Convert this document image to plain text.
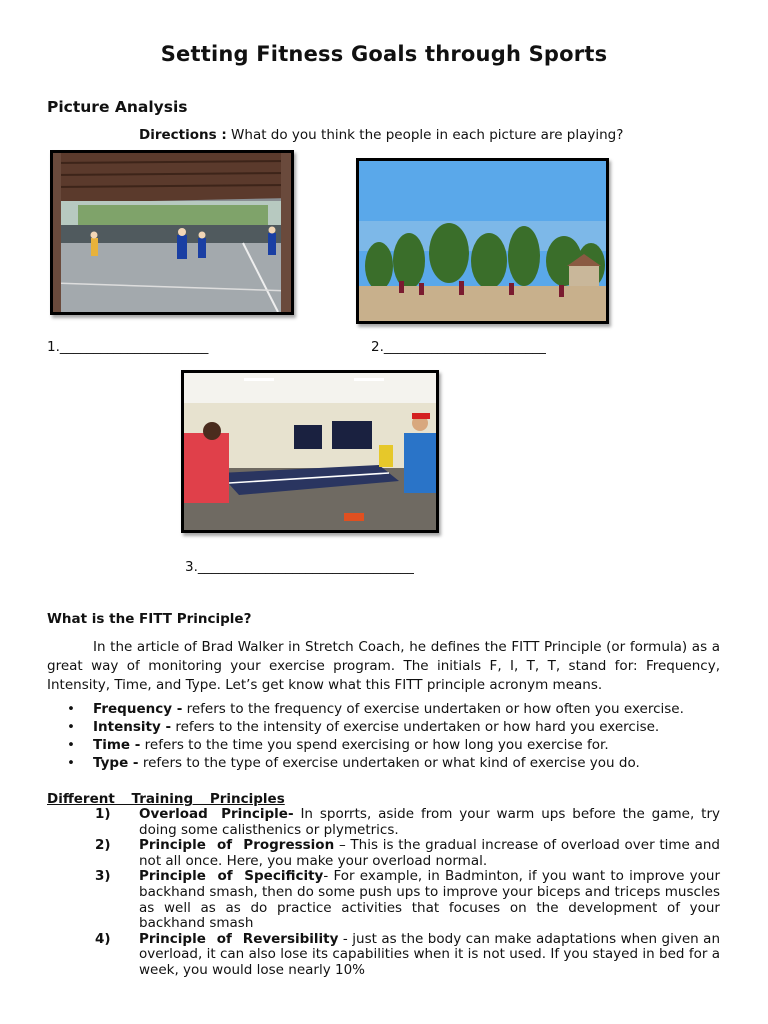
Setting Fitness Goals through Sports
Picture Analysis
Directions : What do you think the people in each picture are playing?
1.______________________	2.________________________
3.________________________________
What is the FITT Principle?
In the article of Brad Walker in Stretch Coach, he defines the FITT Principle (or formula) as a great way of monitoring your exercise program. The initials F, I, T, T, stand for: Frequency, Intensity, Time, and Type. Let’s get know what this FITT principle acronym means.
• Frequency - refers to the frequency of exercise undertaken or how often you exercise.
• Intensity - refers to the intensity of exercise undertaken or how hard you exercise.
• Time - refers to the time you spend exercising or how long you exercise for.
• Type - refers to the type of exercise undertaken or what kind of exercise you do.
Different Training Principles
1) Overload Principle- In sporrts, aside from your warm ups before the game, try doing some calisthenics or plymetrics.
2) Principle of Progression – This is the gradual increase of overload over time and not all once. Here, you make your overload normal.
3) Principle of Specificity- For example, in Badminton, if you want to improve your backhand smash, then do some push ups to improve your biceps and triceps muscles as well as as do practice activities that focuses on the development of your backhand smash
4) Principle of Reversibility - just as the body can make adaptations when given an overload, it can also lose its capabilities when it is not used. If you stayed in bed for a week, you would lose nearly 10%
